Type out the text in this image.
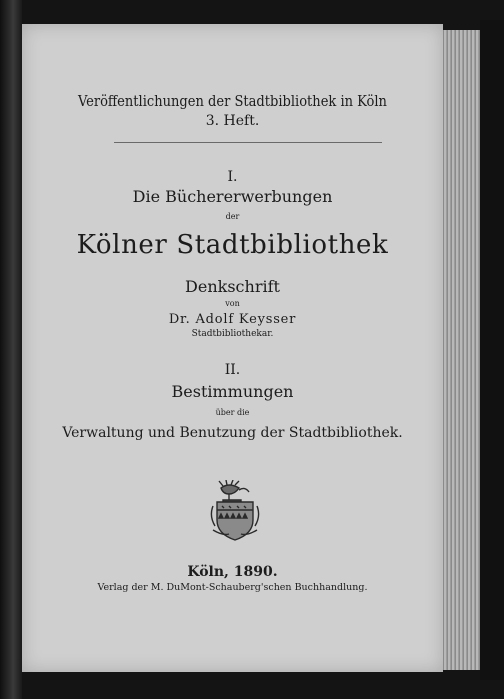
Veröffentlichungen der Stadtbibliothek in Köln
3. Heft.
I.
Die Büchererwerbungen
der
Kölner Stadtbibliothek
Denkschrift
von
Dr. Adolf Keysser
Stadtbibliothekar.
II.
Bestimmungen
über die
Verwaltung und Benutzung der Stadtbibliothek.
Köln, 1890.
Verlag der M. DuMont-Schauberg'schen Buchhandlung.
